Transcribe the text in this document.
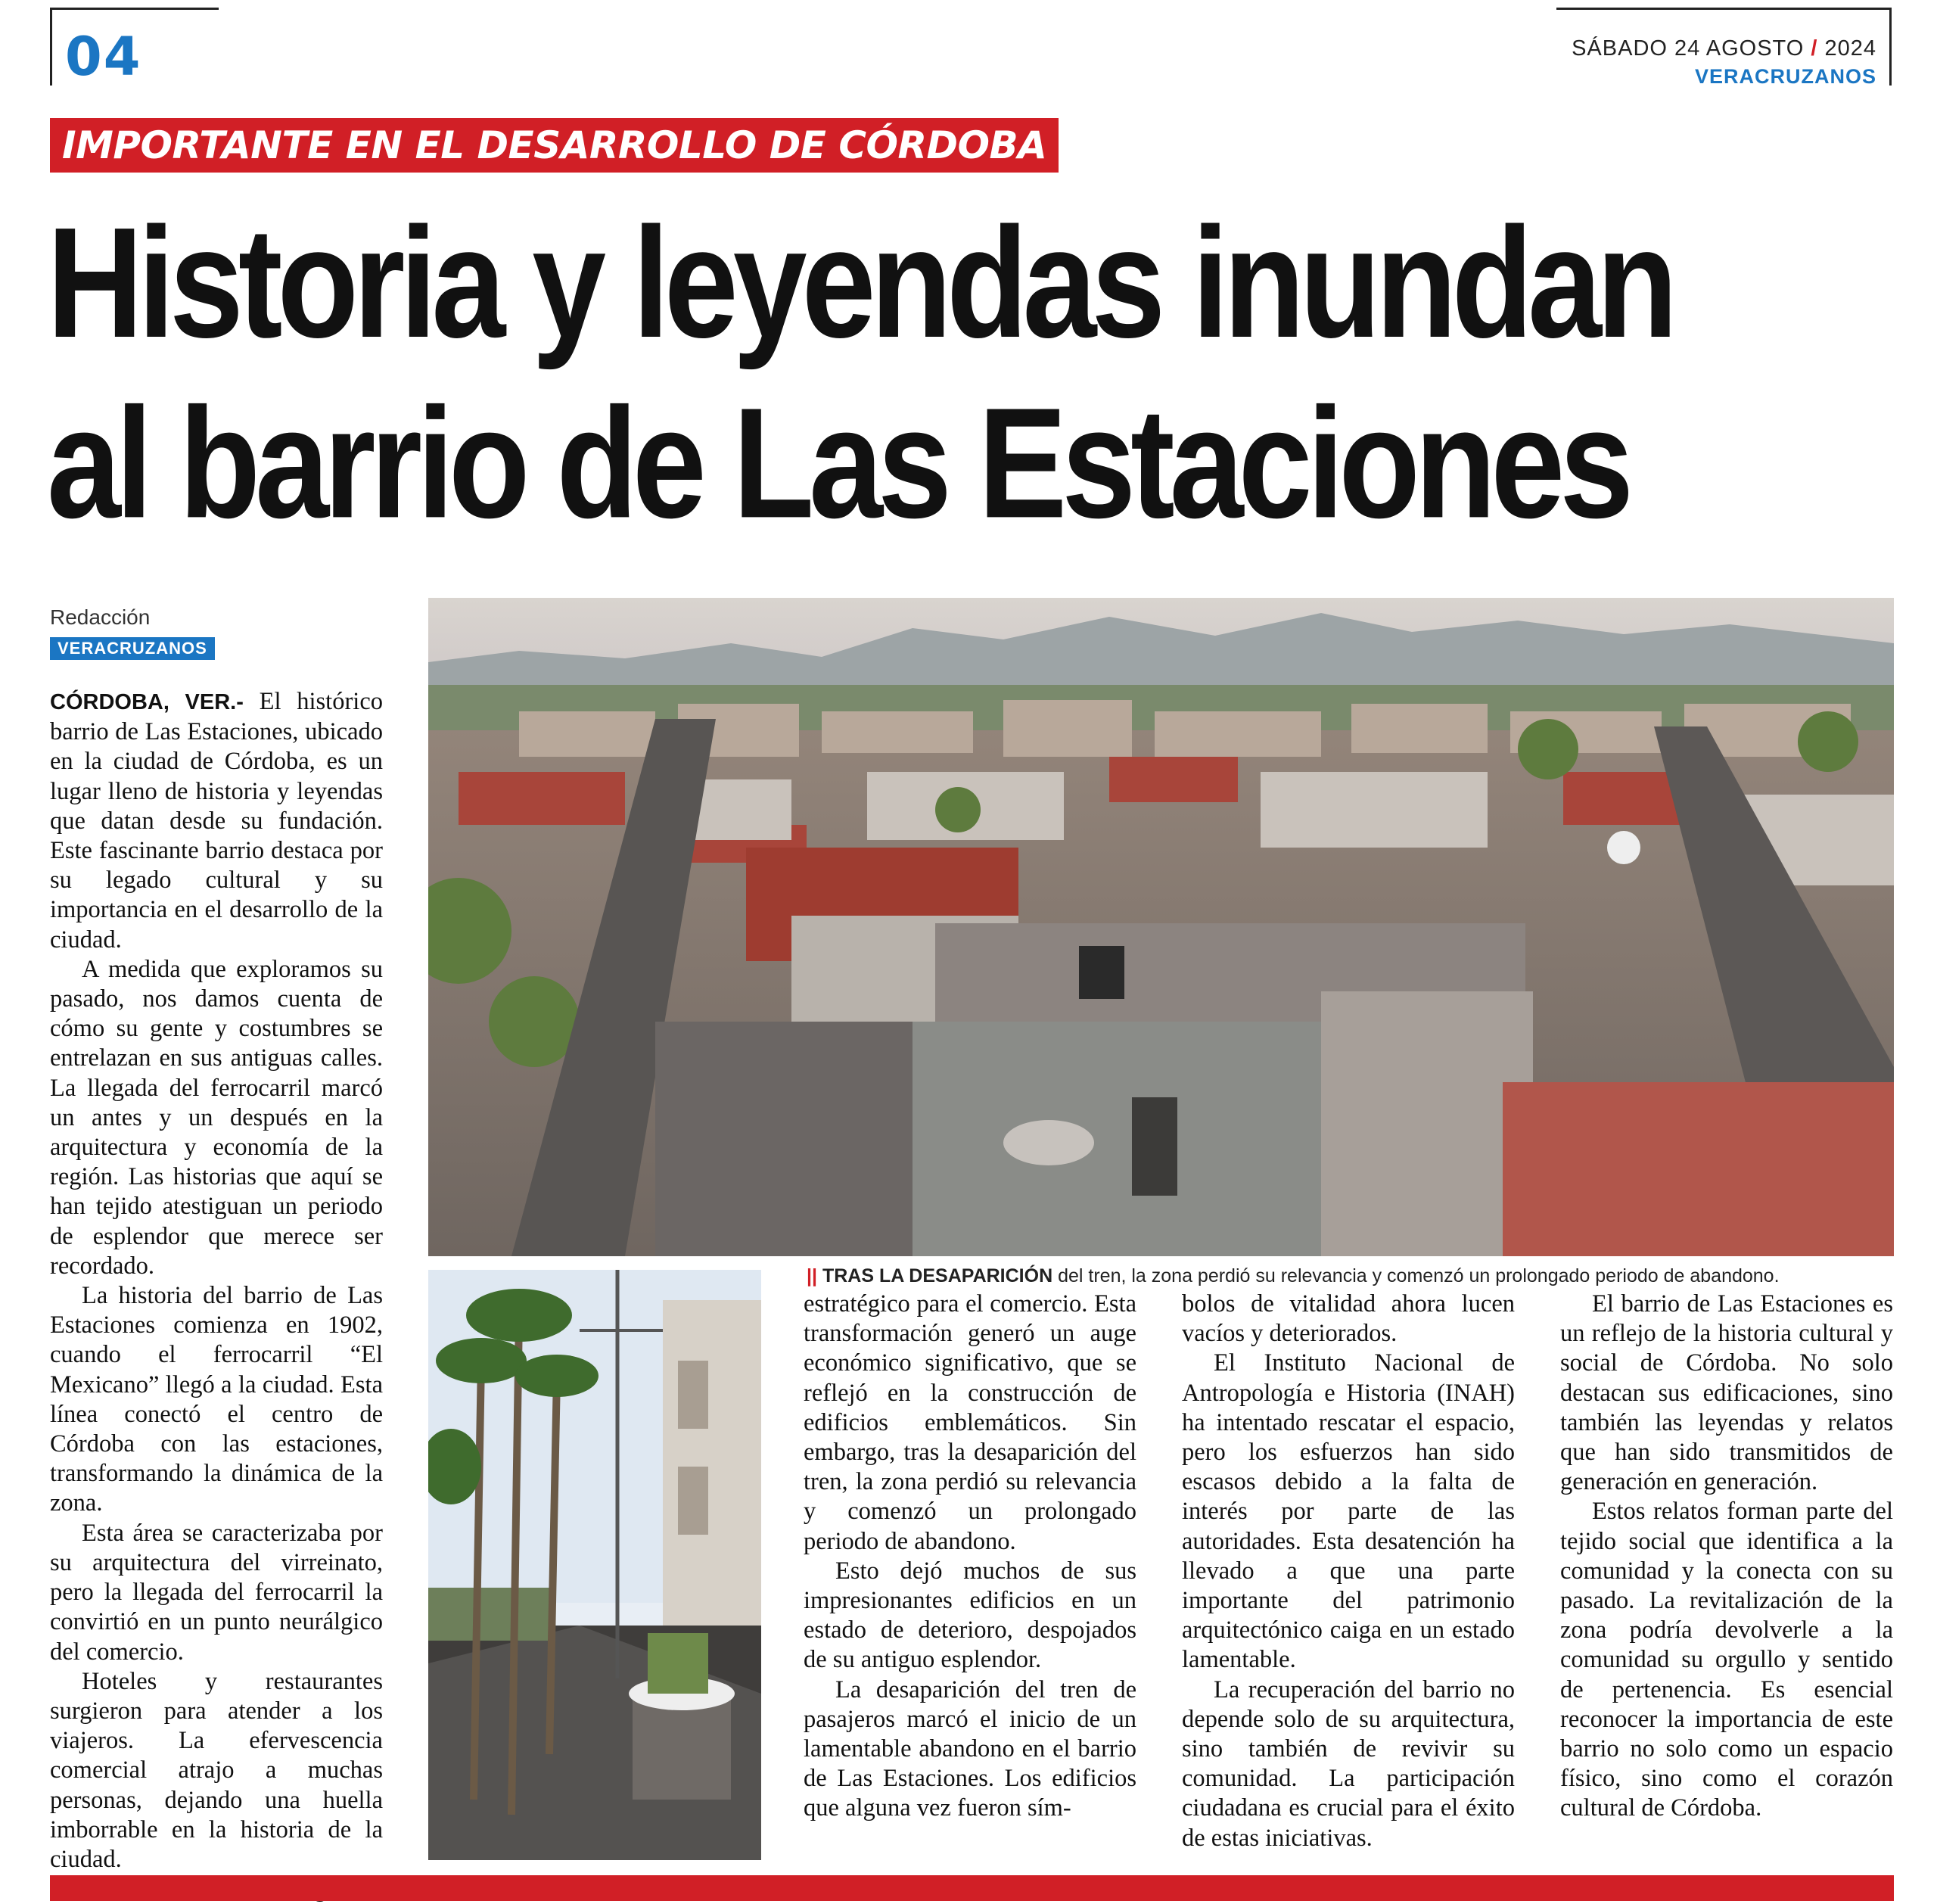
04	SÁBADO 24 AGOSTO / 2024
VERACRUZANOS
IMPORTANTE EN EL DESARROLLO DE CÓRDOBA
Historia y leyendas inundan
al barrio de Las Estaciones
Redacción
VERACRUZANOS

CÓRDOBA, VER.- El histórico barrio de Las Estaciones, ubicado en la ciudad de Córdoba, es un lugar lleno de historia y leyendas que datan desde su fundación. Este fascinante barrio destaca por su legado cultural y su importancia en el desarrollo de la ciudad.

A medida que exploramos su pasado, nos damos cuenta de cómo su gente y costumbres se entrelazan en sus antiguas calles. La llegada del ferrocarril marcó un antes y un después en la arquitectura y economía de la región. Las historias que aquí se han tejido atestiguan un periodo de esplendor que merece ser recordado.

La historia del barrio de Las Estaciones comienza en 1902, cuando el ferrocarril “El Mexicano” llegó a la ciudad. Esta línea conectó el centro de Córdoba con las estaciones, transformando la dinámica de la zona.

Esta área se caracterizaba por su arquitectura del virreinato, pero la llegada del ferrocarril la convirtió en un punto neurálgico del comercio.

Hoteles y restaurantes surgieron para atender a los viajeros. La efervescencia comercial atrajo a muchas personas, dejando una huella imborrable en la historia de la ciudad.

|| TRAS LA DESAPARICIÓN del tren, la zona perdió su relevancia y comenzó un prolongado periodo de abandono.

estratégico para el comercio. Esta transformación generó un auge económico significativo, que se reflejó en la construcción de edificios emblemáticos. Sin embargo, tras la desaparición del tren, la zona perdió su relevancia y comenzó un prolongado periodo de abandono.

Esto dejó muchos de sus impresionantes edificios en un estado de deterioro, despojados de su antiguo esplendor.

La desaparición del tren de pasajeros marcó el inicio de un lamentable abandono en el barrio de Las Estaciones. Los edificios que alguna vez fueron sím-

bolos de vitalidad ahora lucen vacíos y deteriorados.

El Instituto Nacional de Antropología e Historia (INAH) ha intentado rescatar el espacio, pero los esfuerzos han sido escasos debido a la falta de interés por parte de las autoridades. Esta desatención ha llevado a que una parte importante del patrimonio arquitectónico caiga en un estado lamentable.

La recuperación del barrio no depende solo de su arquitectura, sino también de revivir su comunidad. La participación ciudadana es crucial para el éxito de estas iniciativas.

El barrio de Las Estaciones es un reflejo de la historia cultural y social de Córdoba. No solo destacan sus edificaciones, sino también las leyendas y relatos que han sido transmitidos de generación en generación.

Estos relatos forman parte del tejido social que identifica a la comunidad y la conecta con su pasado. La revitalización de la zona podría devolverle a la comunidad su orgullo y sentido de pertenencia. Es esencial reconocer la importancia de este barrio no solo como un espacio físico, sino como el corazón cultural de Córdoba.
